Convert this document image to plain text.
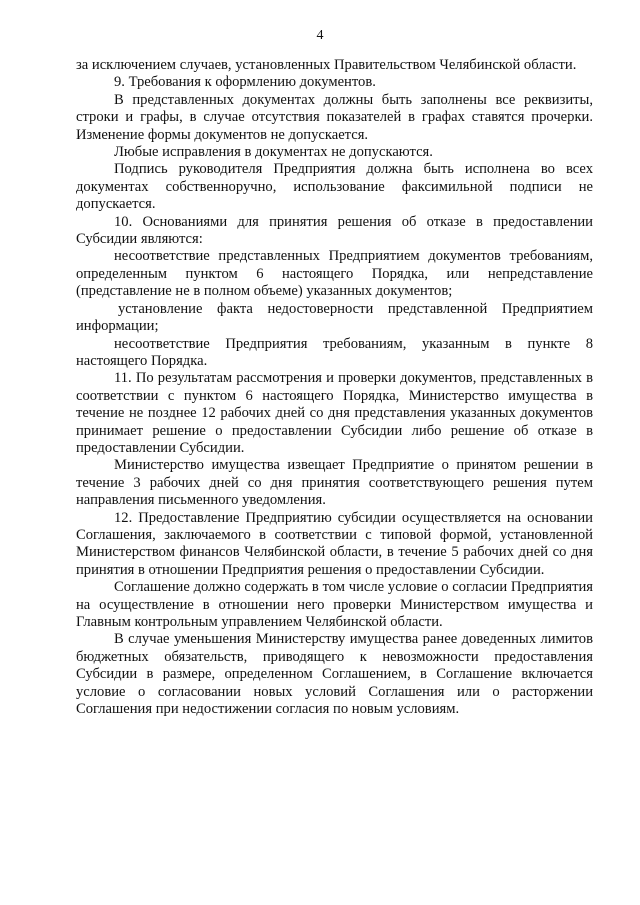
4

за исключением случаев, установленных Правительством Челябинской области.

9. Требования к оформлению документов.

В представленных документах должны быть заполнены все реквизиты, строки и графы, в случае отсутствия показателей в графах ставятся прочерки. Изменение формы документов не допускается.

Любые исправления в документах не допускаются.

Подпись руководителя Предприятия должна быть исполнена во всех документах собственноручно, использование факсимильной подписи не допускается.

10. Основаниями для принятия решения об отказе в предоставлении Субсидии являются:

несоответствие представленных Предприятием документов требованиям, определенным пунктом 6 настоящего Порядка, или непредставление (представление не в полном объеме) указанных документов;

установление факта недостоверности представленной Предприятием информации;

несоответствие Предприятия требованиям, указанным в пункте 8 настоящего Порядка.

11. По результатам рассмотрения и проверки документов, представленных в соответствии с пунктом 6 настоящего Порядка, Министерство имущества в течение не позднее 12 рабочих дней со дня представления указанных документов принимает решение о предоставлении Субсидии либо решение об отказе в предоставлении Субсидии.

Министерство имущества извещает Предприятие о принятом решении в течение 3 рабочих дней со дня принятия соответствующего решения путем направления письменного уведомления.

12. Предоставление Предприятию субсидии осуществляется на основании Соглашения, заключаемого в соответствии с типовой формой, установленной Министерством финансов Челябинской области, в течение 5 рабочих дней со дня принятия в отношении Предприятия решения о предоставлении Субсидии.

Соглашение должно содержать в том числе условие о согласии Предприятия на осуществление в отношении него проверки Министерством имущества и Главным контрольным управлением Челябинской области.

В случае уменьшения Министерству имущества ранее доведенных лимитов бюджетных обязательств, приводящего к невозможности предоставления Субсидии в размере, определенном Соглашением, в Соглашение включается условие о согласовании новых условий Соглашения или о расторжении Соглашения при недостижении согласия по новым условиям.
